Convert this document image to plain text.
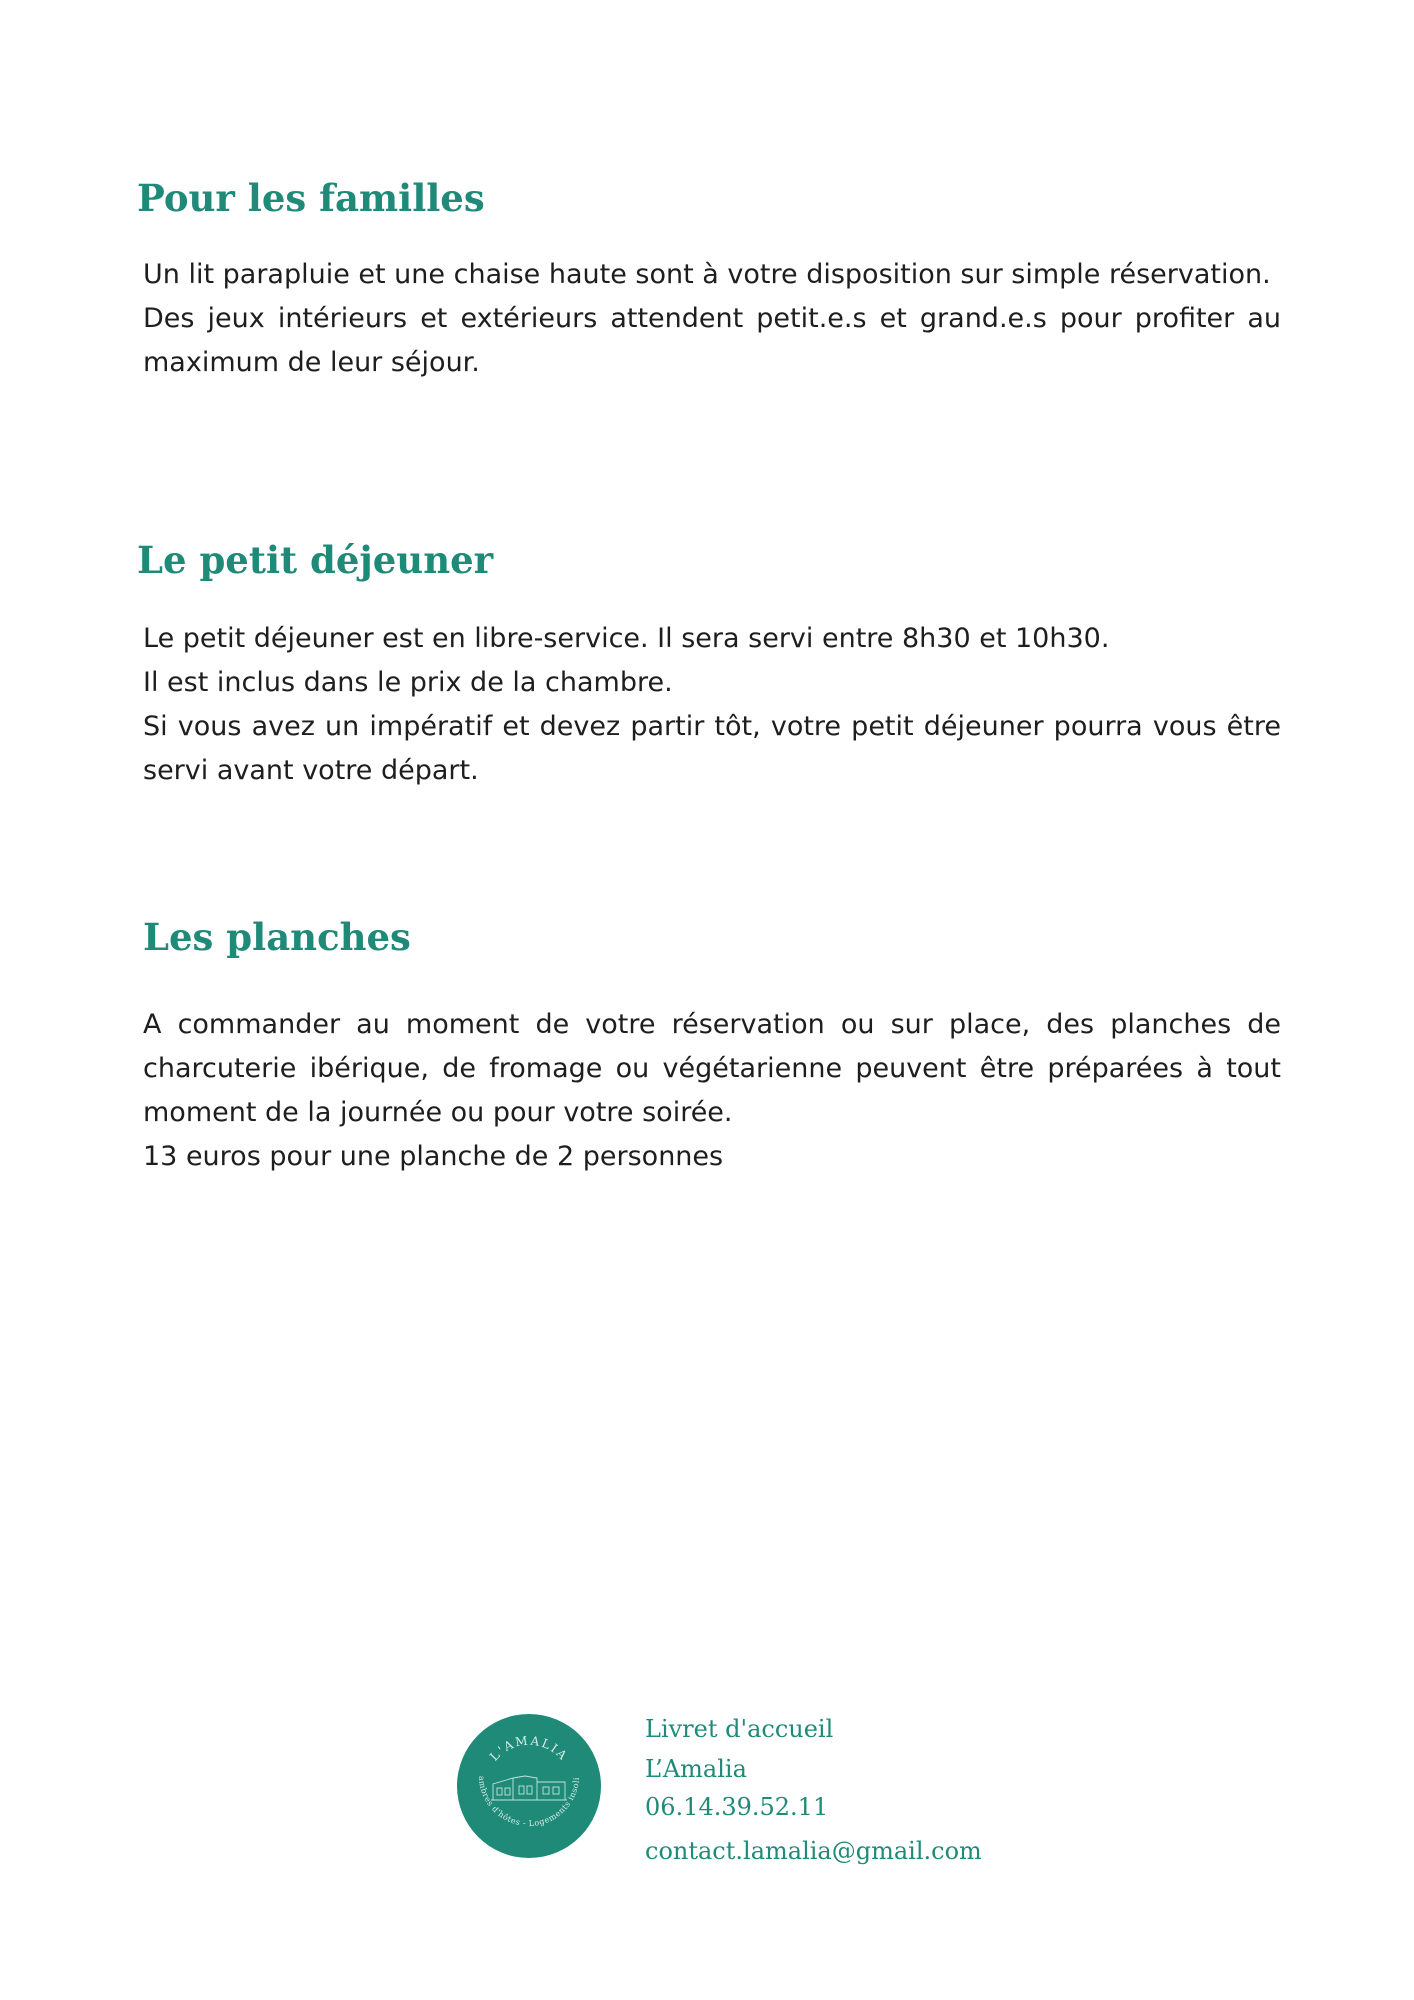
Pour les familles

Un lit parapluie et une chaise haute sont à votre disposition sur simple réservation.

Des jeux intérieurs et extérieurs attendent petit.e.s et grand.e.s pour profiter au maximum de leur séjour.

Le petit déjeuner

Le petit déjeuner est en libre-service. Il sera servi entre 8h30 et 10h30.

Il est inclus dans le prix de la chambre.

Si vous avez un impératif et devez partir tôt, votre petit déjeuner pourra vous être servi avant votre départ.

Les planches

A commander au moment de votre réservation ou sur place, des planches de charcuterie ibérique, de fromage ou végétarienne peuvent être préparées à tout moment de la journée ou pour votre soirée.

13 euros pour une planche de 2 personnes

L'AMALIA
ambres d'hôtes - Logements insoli
Livret d'accueil
L’Amalia
06.14.39.52.11
contact.lamalia@gmail.com
